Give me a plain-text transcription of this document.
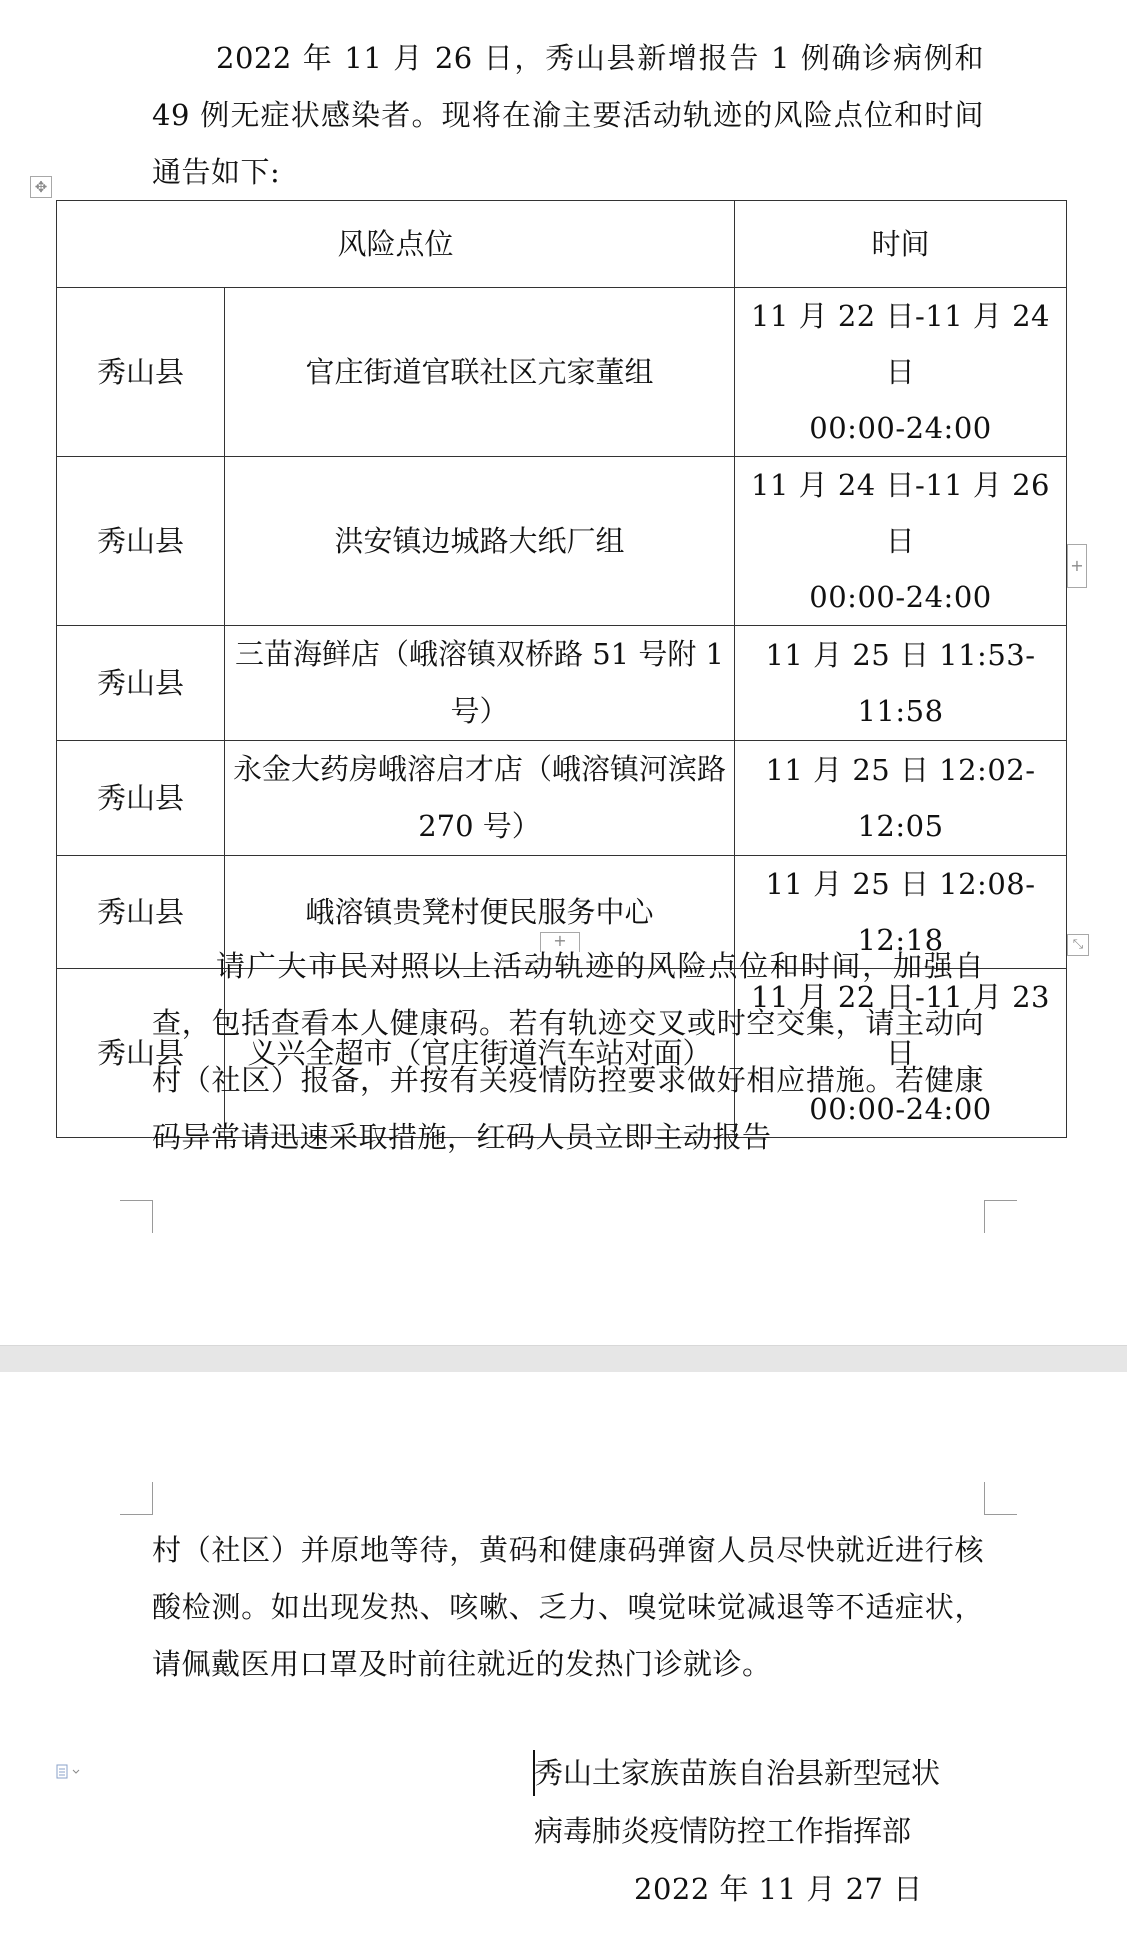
2022 年 11 月 26 日，秀山县新增报告 1 例确诊病例和 49 例无症状感染者。现将在渝主要活动轨迹的风险点位和时间通告如下:

✥
风险点位		时间
秀山县	官庄街道官联社区亢家董组	11 月 22 日-11 月 24 日
00:00-24:00

秀山县	洪安镇边城路大纸厂组	11 月 24 日-11 月 26 日
00:00-24:00

秀山县	三苗海鲜店（峨溶镇双桥路 51 号附 1 号）	11 月 25 日 11:53-11:58
秀山县	永金大药房峨溶启才店（峨溶镇河滨路 270 号）	11 月 25 日 12:02-12:05
秀山县	峨溶镇贵凳村便民服务中心	11 月 25 日 12:08-12:18
秀山县	义兴全超市（官庄街道汽车站对面）	11 月 22 日-11 月 23 日
00:00-24:00
+
+	⤡

请广大市民对照以上活动轨迹的风险点位和时间，加强自查，包括查看本人健康码。若有轨迹交叉或时空交集，请主动向村（社区）报备，并按有关疫情防控要求做好相应措施。若健康码异常请迅速采取措施，红码人员立即主动报告

村（社区）并原地等待，黄码和健康码弹窗人员尽快就近进行核酸检测。如出现发热、咳嗽、乏力、嗅觉味觉减退等不适症状，请佩戴医用口罩及时前往就近的发热门诊就诊。

秀山土家族苗族自治县新型冠状

病毒肺炎疫情防控工作指挥部

2022 年 11 月 27 日
